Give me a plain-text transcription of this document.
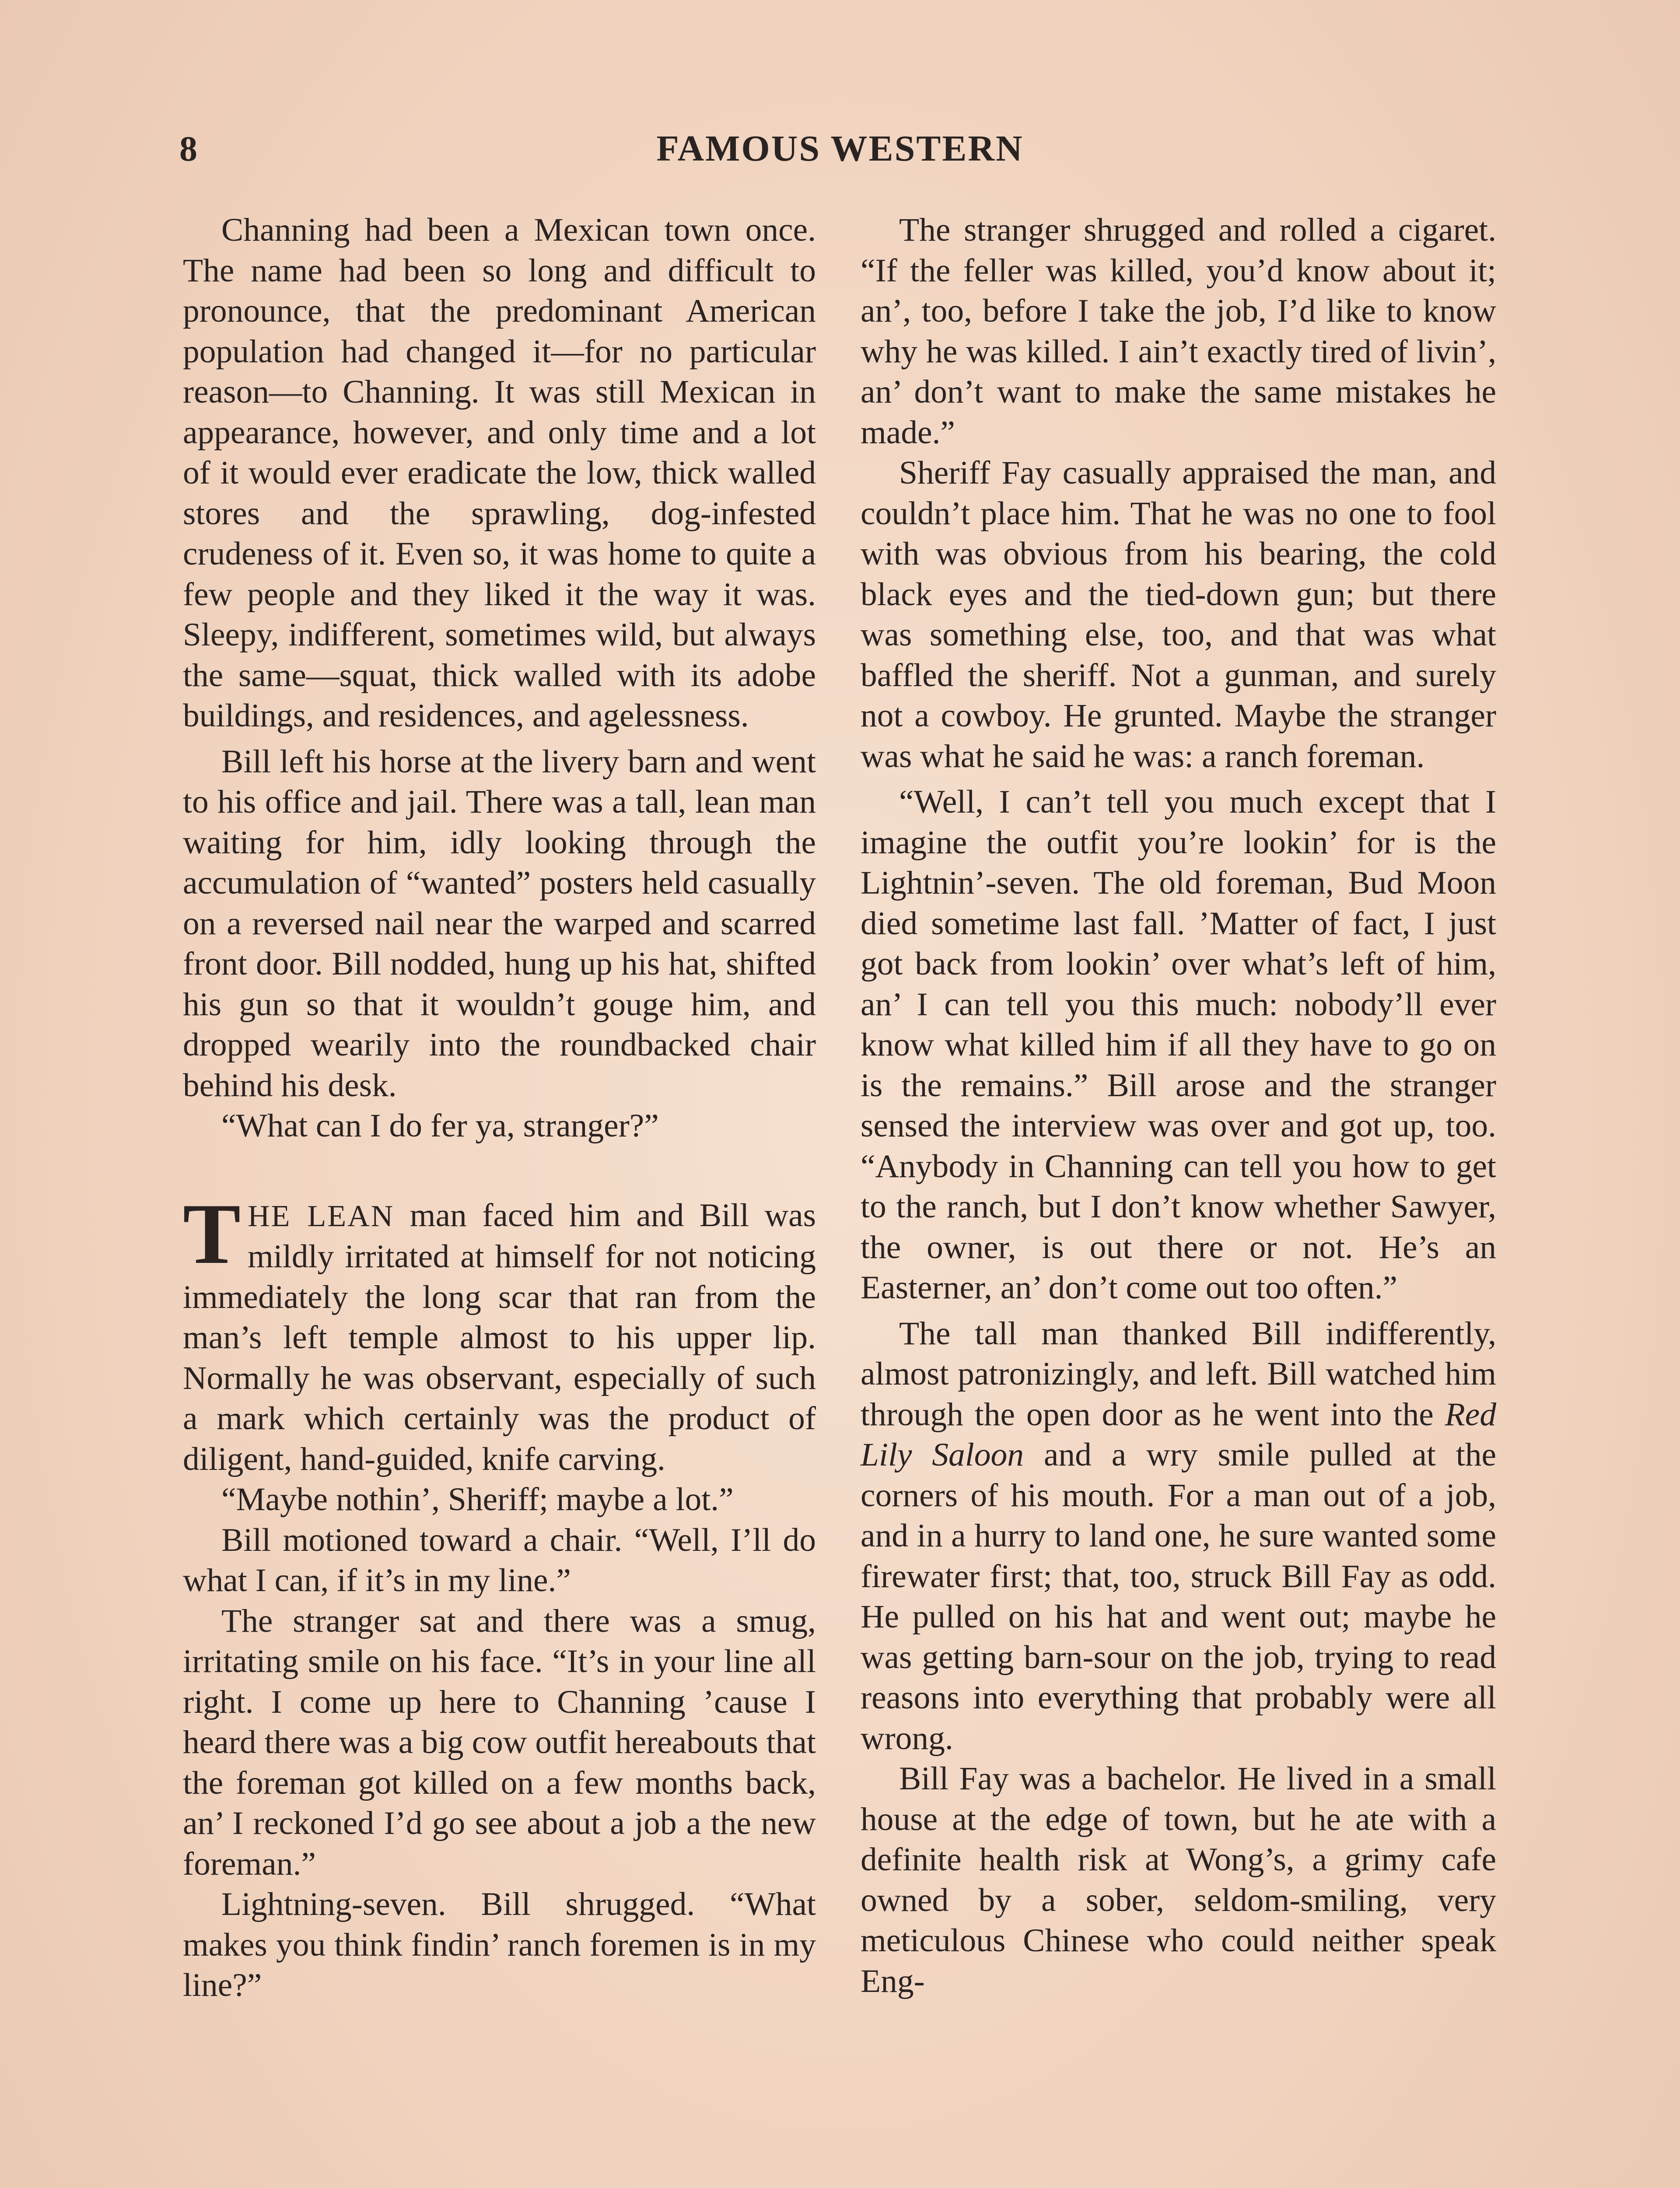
8	FAMOUS WESTERN

Channing had been a Mexican town once. The name had been so long and difficult to pronounce, that the predominant American population had changed it—for no particular reason—to Channing. It was still Mexican in appearance, however, and only time and a lot of it would ever eradicate the low, thick walled stores and the sprawling, dog-infested crudeness of it. Even so, it was home to quite a few people and they liked it the way it was. Sleepy, indifferent, sometimes wild, but always the same—squat, thick walled with its adobe buildings, and residences, and agelessness.

Bill left his horse at the livery barn and went to his office and jail. There was a tall, lean man waiting for him, idly looking through the accumulation of “wanted” posters held casually on a reversed nail near the warped and scarred front door. Bill nodded, hung up his hat, shifted his gun so that it wouldn’t gouge him, and dropped wearily into the roundbacked chair behind his desk.

“What can I do fer ya, stranger?”

THE LEAN man faced him and Bill was mildly irritated at himself for not noticing immediately the long scar that ran from the man’s left temple almost to his upper lip. Normally he was observant, especially of such a mark which certainly was the product of diligent, hand-guided, knife carving.

“Maybe nothin’, Sheriff; maybe a lot.”

Bill motioned toward a chair. “Well, I’ll do what I can, if it’s in my line.”

The stranger sat and there was a smug, irritating smile on his face. “It’s in your line all right. I come up here to Channing ’cause I heard there was a big cow outfit hereabouts that the foreman got killed on a few months back, an’ I reckoned I’d go see about a job a the new foreman.”

Lightning-seven. Bill shrugged. “What makes you think findin’ ranch foremen is in my line?”

The stranger shrugged and rolled a cigaret. “If the feller was killed, you’d know about it; an’, too, before I take the job, I’d like to know why he was killed. I ain’t exactly tired of livin’, an’ don’t want to make the same mistakes he made.”

Sheriff Fay casually appraised the man, and couldn’t place him. That he was no one to fool with was obvious from his bearing, the cold black eyes and the tied-down gun; but there was something else, too, and that was what baffled the sheriff. Not a gunman, and surely not a cowboy. He grunted. Maybe the stranger was what he said he was: a ranch foreman.

“Well, I can’t tell you much except that I imagine the outfit you’re lookin’ for is the Lightnin’-seven. The old foreman, Bud Moon died sometime last fall. ’Matter of fact, I just got back from lookin’ over what’s left of him, an’ I can tell you this much: nobody’ll ever know what killed him if all they have to go on is the remains.” Bill arose and the stranger sensed the interview was over and got up, too. “Anybody in Channing can tell you how to get to the ranch, but I don’t know whether Sawyer, the owner, is out there or not. He’s an Easterner, an’ don’t come out too often.”

The tall man thanked Bill indifferently, almost patronizingly, and left. Bill watched him through the open door as he went into the Red Lily Saloon and a wry smile pulled at the corners of his mouth. For a man out of a job, and in a hurry to land one, he sure wanted some firewater first; that, too, struck Bill Fay as odd. He pulled on his hat and went out; maybe he was getting barn-sour on the job, trying to read reasons into everything that probably were all wrong.

Bill Fay was a bachelor. He lived in a small house at the edge of town, but he ate with a definite health risk at Wong’s, a grimy cafe owned by a sober, seldom-smiling, very meticulous Chinese who could neither speak Eng-
